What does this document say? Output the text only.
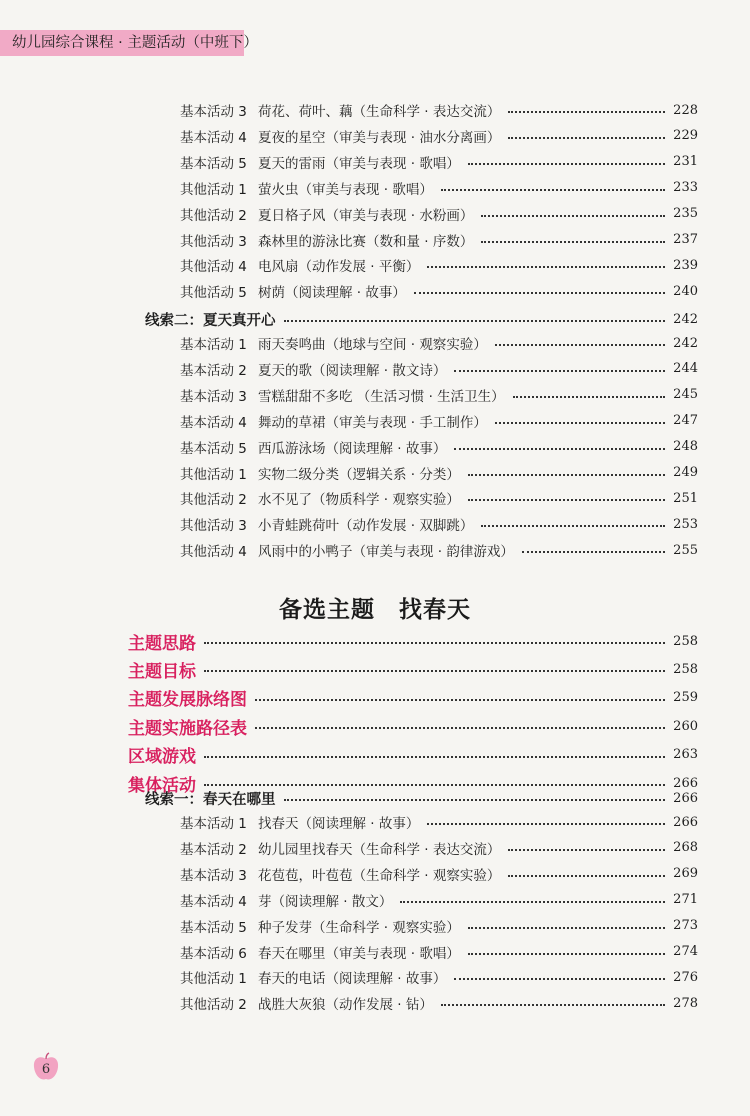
幼儿园综合课程 · 主题活动（中班下）
基本活动 3 荷花、荷叶、藕（生命科学 · 表达交流）	228
基本活动 4 夏夜的星空（审美与表现 · 油水分离画）	229
基本活动 5 夏天的雷雨（审美与表现 · 歌唱）	231
其他活动 1 萤火虫（审美与表现 · 歌唱）	233
其他活动 2 夏日格子风（审美与表现 · 水粉画）	235
其他活动 3 森林里的游泳比赛（数和量 · 序数）	237
其他活动 4 电风扇（动作发展 · 平衡）	239
其他活动 5 树荫（阅读理解 · 故事）	240
线索二：夏天真开心	242
基本活动 1 雨天奏鸣曲（地球与空间 · 观察实验）	242
基本活动 2 夏天的歌（阅读理解 · 散文诗）	244
基本活动 3 雪糕甜甜不多吃 （生活习惯 · 生活卫生）	245
基本活动 4 舞动的草裙（审美与表现 · 手工制作）	247
基本活动 5 西瓜游泳场（阅读理解 · 故事）	248
其他活动 1 实物二级分类（逻辑关系 · 分类）	249
其他活动 2 水不见了（物质科学 · 观察实验）	251
其他活动 3 小青蛙跳荷叶（动作发展 · 双脚跳）	253
其他活动 4 风雨中的小鸭子（审美与表现 · 韵律游戏）	255
主题思路	258
主题目标	258
主题发展脉络图	259
主题实施路径表	260
区域游戏	263
集体活动	266
线索一：春天在哪里	266
基本活动 1 找春天（阅读理解 · 故事）	266
基本活动 2 幼儿园里找春天（生命科学 · 表达交流）	268
基本活动 3 花苞苞，叶苞苞（生命科学 · 观察实验）	269
基本活动 4 芽（阅读理解 · 散文）	271
基本活动 5 种子发芽（生命科学 · 观察实验）	273
基本活动 6 春天在哪里（审美与表现 · 歌唱）	274
其他活动 1 春天的电话（阅读理解 · 故事）	276
其他活动 2 战胜大灰狼（动作发展 · 钻）	278
备选主题　找春天
6
